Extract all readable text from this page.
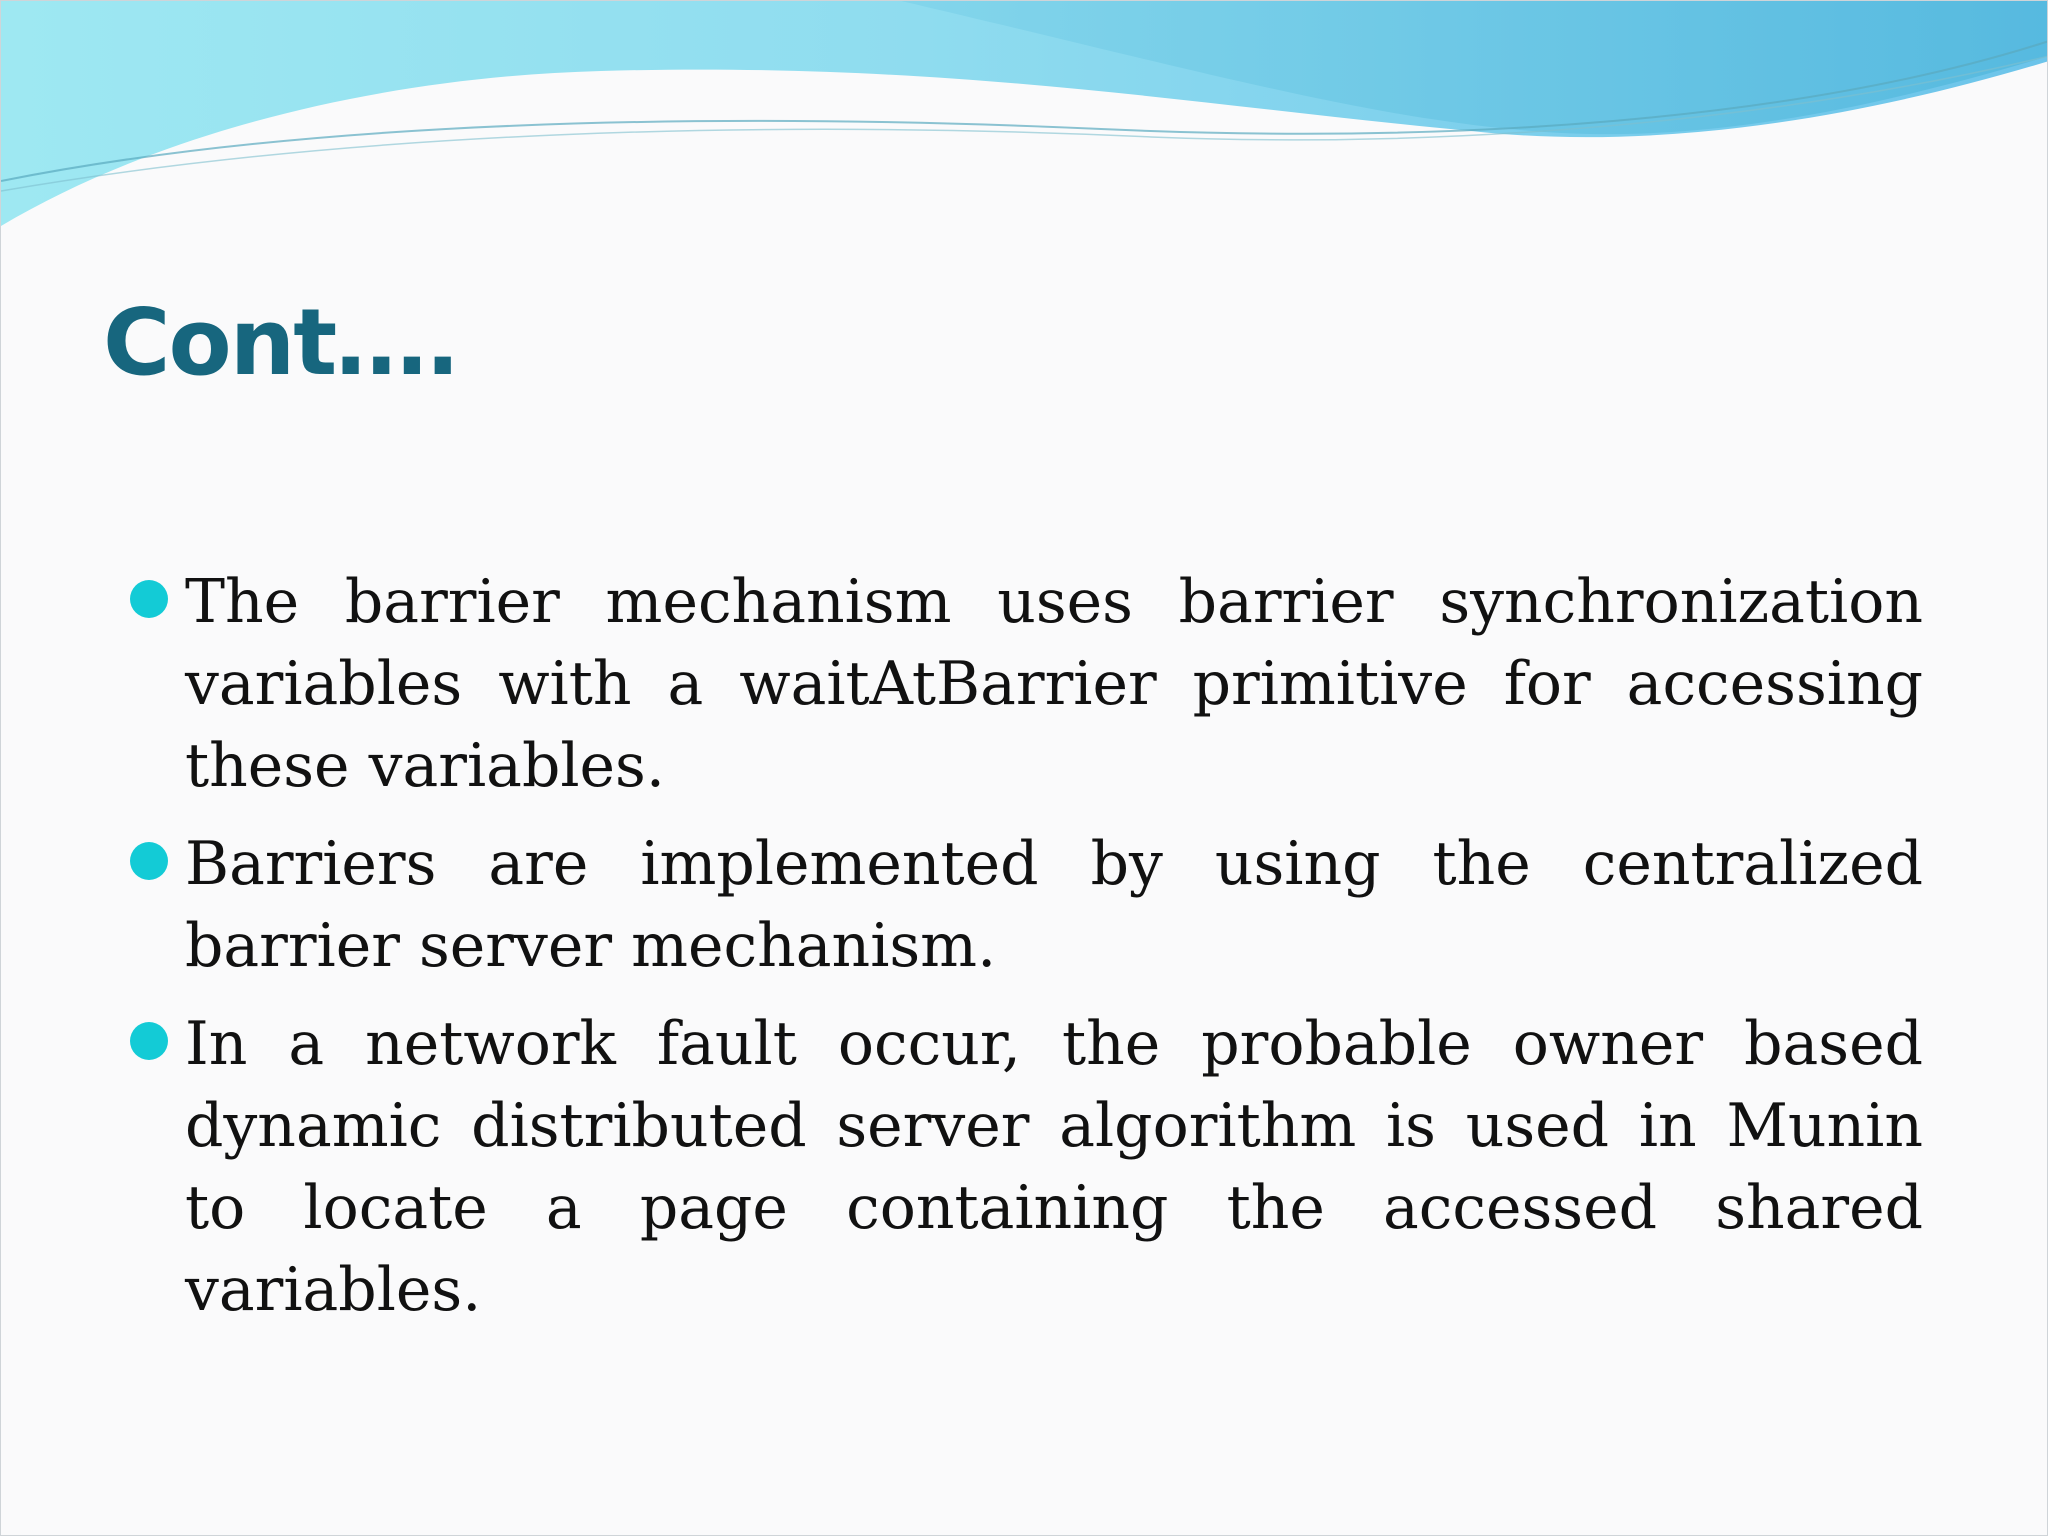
Cont….
The barrier mechanism uses barrier synchronization variables with a waitAtBarrier primitive for accessing these variables.
Barriers are implemented by using the centralized barrier server mechanism.
In a network fault occur, the probable owner based dynamic distributed server algorithm is used in Munin to locate a page containing the accessed shared variables.
